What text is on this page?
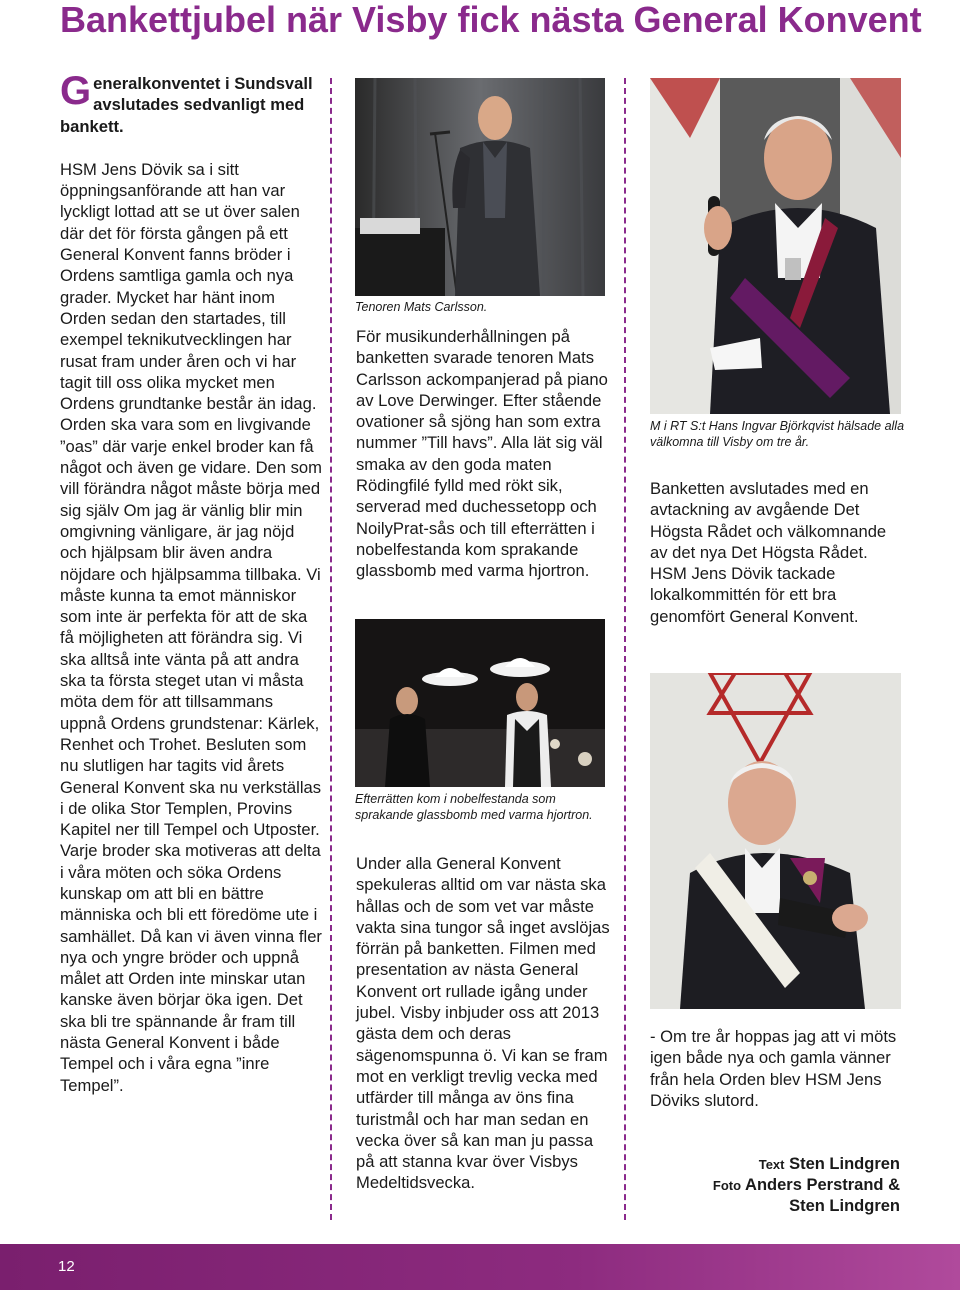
Bankettjubel när Visby fick nästa General Konvent

Generalkonventet i Sundsvall avslutades sedvanligt med bankett.

HSM Jens Dövik sa i sitt öppningsanförande att han var lyckligt lottad att se ut över salen där det för första gången på ett General Konvent fanns bröder i Ordens samtliga gamla och nya grader. Mycket har hänt inom Orden sedan den startades, till exempel teknikutvecklingen har rusat fram under åren och vi har tagit till oss olika mycket men Ordens grundtanke består än idag.

Orden ska vara som en livgivande ”oas” där varje enkel broder kan få något och även ge vidare. Den som vill förändra något måste börja med sig själv Om jag är vänlig blir min omgivning vänligare, är jag nöjd och hjälpsam blir även andra nöjdare och hjälpsamma tillbaka. Vi måste kunna ta emot människor som inte är perfekta för att de ska få möjligheten att förändra sig. Vi ska alltså inte vänta på att andra ska ta första steget utan vi måsta möta dem för att tillsammans uppnå Ordens grundstenar: Kärlek, Renhet och Trohet. Besluten som nu slutligen har tagits vid årets General Konvent ska nu verkställas i de olika Stor Templen, Provins Kapitel ner till Tempel och Utposter. Varje broder ska motiveras att delta i våra möten och söka Ordens kunskap om att bli en bättre människa och bli ett föredöme ute i samhället. Då kan vi även vinna fler nya och yngre bröder och uppnå målet att Orden inte minskar utan kanske även börjar öka igen. Det ska bli tre spännande år fram till nästa General Konvent i både Tempel och i våra egna ”inre Tempel”.

Tenoren Mats Carlsson.

För musikunderhållningen på banketten svarade tenoren Mats Carlsson ackompanjerad på piano av Love Derwinger. Efter stående ovationer så sjöng han som extra nummer ”Till havs”. Alla lät sig väl smaka av den goda maten Rödingfilé fylld med rökt sik, serverad med duchessetopp och NoilyPrat-sås och till efterrätten i nobelfestanda kom sprakande glassbomb med varma hjortron.

Efterrätten kom i nobelfestanda som sprakande glassbomb med varma hjortron.

Under alla General Konvent spekuleras alltid om var nästa ska hållas och de som vet var måste vakta sina tungor så inget avslöjas förrän på banketten. Filmen med presentation av nästa General Konvent ort rullade igång under jubel. Visby inbjuder oss att 2013 gästa dem och deras sägenomspunna ö. Vi kan se fram mot en verkligt trevlig vecka med utfärder till många av öns fina turistmål och har man sedan en vecka över så kan man ju passa på att stanna kvar över Visbys Medeltidsvecka.

M i RT S:t Hans Ingvar Björkqvist hälsade alla välkomna till Visby om tre år.

Banketten avslutades med en avtackning av avgående Det Högsta Rådet och välkomnande av det nya Det Högsta Rådet. HSM Jens Dövik tackade lokalkommittén för ett bra genomfört General Konvent.

- Om tre år hoppas jag att vi möts igen både nya och gamla vänner från hela Orden blev HSM Jens Döviks slutord.

Text Sten Lindgren
Foto Anders Perstrand &
Sten Lindgren
12
